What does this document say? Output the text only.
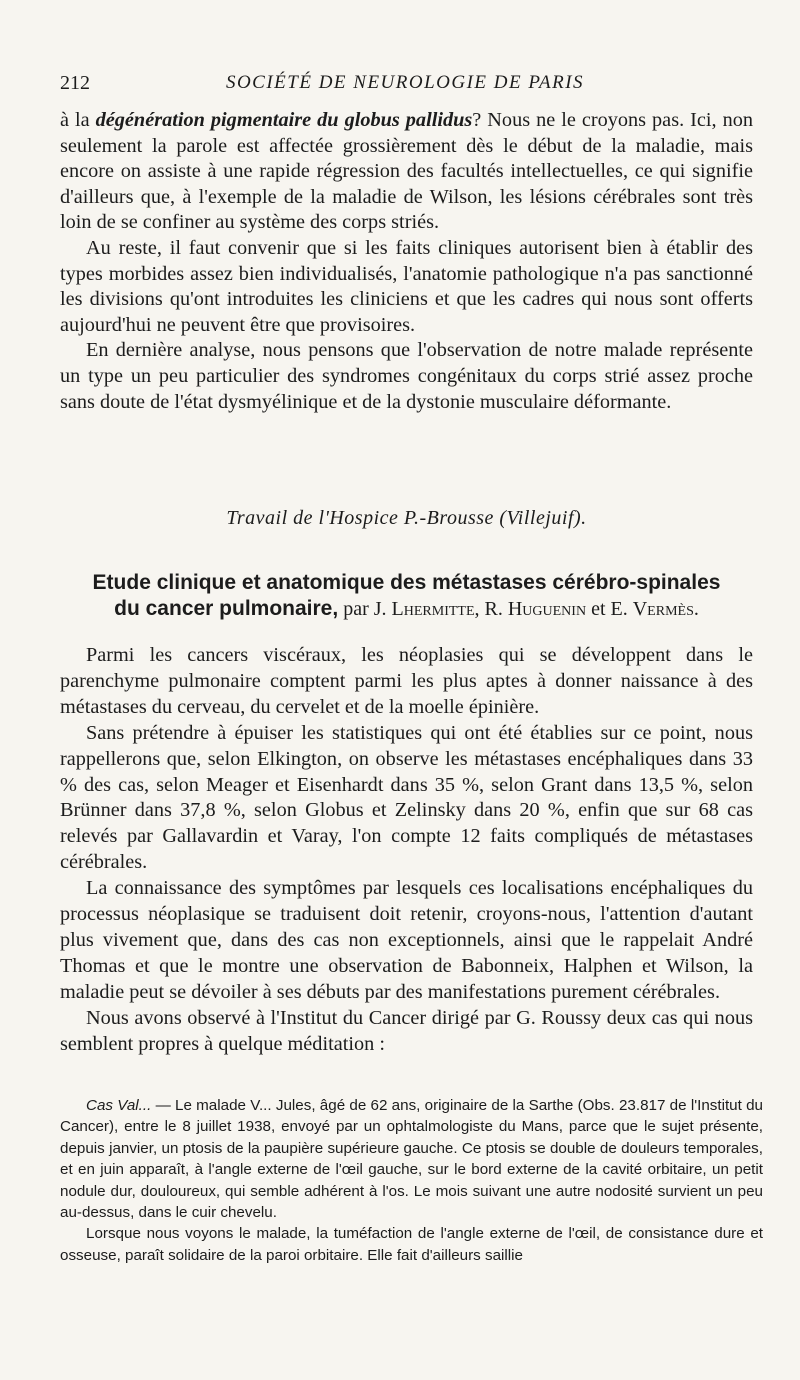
212	SOCIÉTÉ DE NEUROLOGIE DE PARIS

à la dégénération pigmentaire du globus pallidus? Nous ne le croyons pas. Ici, non seulement la parole est affectée grossièrement dès le début de la maladie, mais encore on assiste à une rapide régression des facultés intellectuelles, ce qui signifie d'ailleurs que, à l'exemple de la maladie de Wilson, les lésions cérébrales sont très loin de se confiner au système des corps striés.

Au reste, il faut convenir que si les faits cliniques autorisent bien à établir des types morbides assez bien individualisés, l'anatomie pathologique n'a pas sanctionné les divisions qu'ont introduites les cliniciens et que les cadres qui nous sont offerts aujourd'hui ne peuvent être que provisoires.

En dernière analyse, nous pensons que l'observation de notre malade représente un type un peu particulier des syndromes congénitaux du corps strié assez proche sans doute de l'état dysmyélinique et de la dystonie musculaire déformante.

Travail de l'Hospice P.-Brousse (Villejuif).
Etude clinique et anatomique des métastases cérébro-spinales
du cancer pulmonaire, par J. Lhermitte, R. Huguenin et E. Vermès.

Parmi les cancers viscéraux, les néoplasies qui se développent dans le parenchyme pulmonaire comptent parmi les plus aptes à donner naissance à des métastases du cerveau, du cervelet et de la moelle épinière.

Sans prétendre à épuiser les statistiques qui ont été établies sur ce point, nous rappellerons que, selon Elkington, on observe les métastases encéphaliques dans 33 % des cas, selon Meager et Eisenhardt dans 35 %, selon Grant dans 13,5 %, selon Brünner dans 37,8 %, selon Globus et Zelinsky dans 20 %, enfin que sur 68 cas relevés par Gallavardin et Varay, l'on compte 12 faits compliqués de métastases cérébrales.

La connaissance des symptômes par lesquels ces localisations encéphaliques du processus néoplasique se traduisent doit retenir, croyons-nous, l'attention d'autant plus vivement que, dans des cas non exceptionnels, ainsi que le rappelait André Thomas et que le montre une observation de Babonneix, Halphen et Wilson, la maladie peut se dévoiler à ses débuts par des manifestations purement cérébrales.

Nous avons observé à l'Institut du Cancer dirigé par G. Roussy deux cas qui nous semblent propres à quelque méditation :

Cas Val... — Le malade V... Jules, âgé de 62 ans, originaire de la Sarthe (Obs. 23.817 de l'Institut du Cancer), entre le 8 juillet 1938, envoyé par un ophtalmologiste du Mans, parce que le sujet présente, depuis janvier, un ptosis de la paupière supérieure gauche. Ce ptosis se double de douleurs temporales, et en juin apparaît, à l'angle externe de l'œil gauche, sur le bord externe de la cavité orbitaire, un petit nodule dur, douloureux, qui semble adhérent à l'os. Le mois suivant une autre nodosité survient un peu au-dessus, dans le cuir chevelu.

Lorsque nous voyons le malade, la tuméfaction de l'angle externe de l'œil, de consistance dure et osseuse, paraît solidaire de la paroi orbitaire. Elle fait d'ailleurs saillie
